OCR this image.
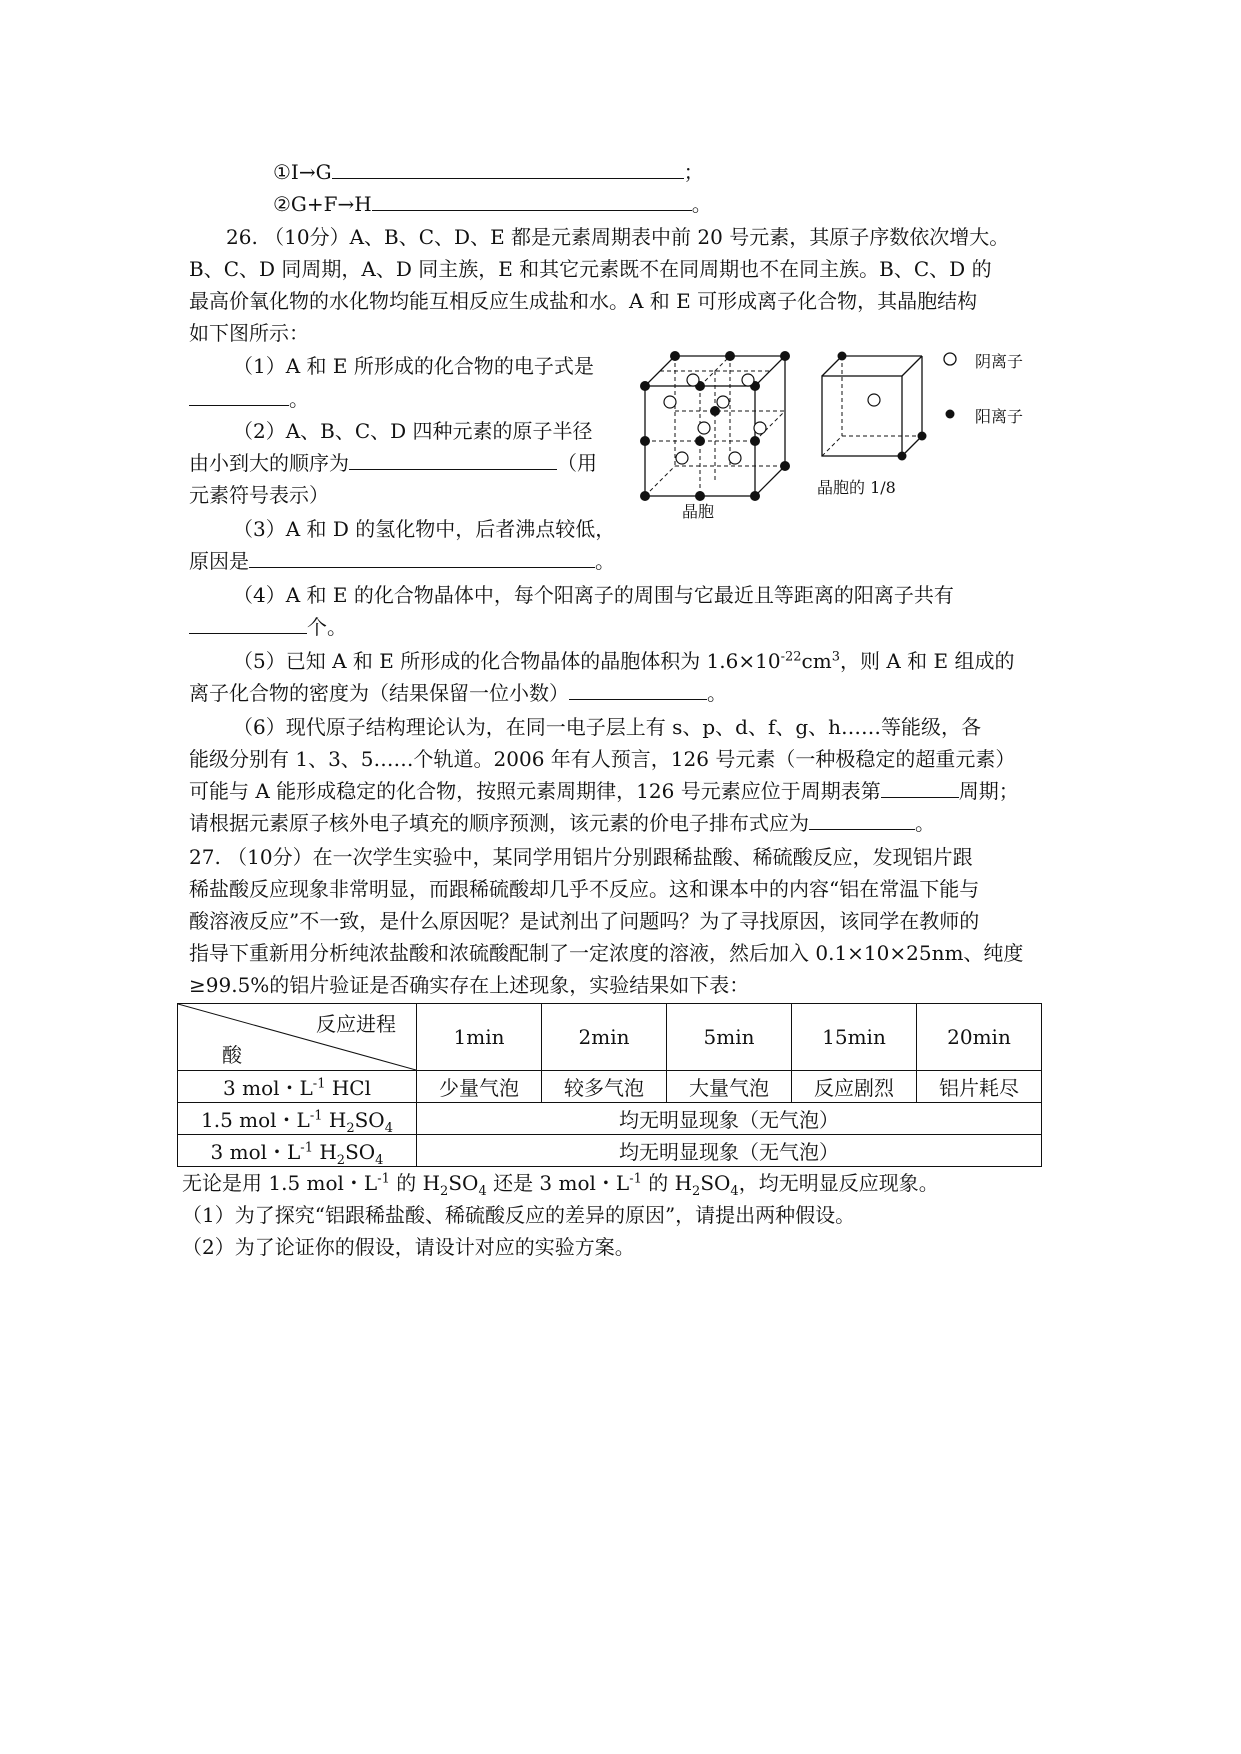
①I→G	；
②G+F→H	。
26. （10分）A、B、C、D、E 都是元素周期表中前 20 号元素，其原子序数依次增大。
B、C、D 同周期，A、D 同主族，E 和其它元素既不在同周期也不在同主族。B、C、D 的
最高价氧化物的水化物均能互相反应生成盐和水。A 和 E 可形成离子化合物，其晶胞结构
如下图所示：
（1）A 和 E 所形成的化合物的电子式是
。
（2）A、B、C、D 四种元素的原子半径
由小到大的顺序为	（用
元素符号表示）
（3）A 和 D 的氢化物中，后者沸点较低，
原因是	。
（4）A 和 E 的化合物晶体中，每个阳离子的周围与它最近且等距离的阳离子共有
个。
（5）已知 A 和 E 所形成的化合物晶体的晶胞体积为 $1.6\times 10^{-22}cm^3$，则 A 和 E 组成的
离子化合物的密度为（结果保留一位小数）	。
（6）现代原子结构理论认为，在同一电子层上有 s、p、d、f、g、h……等能级，各
能级分别有 1、3、5……个轨道。2006 年有人预言，126 号元素（一种极稳定的超重元素）
可能与 A 能形成稳定的化合物，按照元素周期律，126 号元素应位于周期表第	周期；
请根据元素原子核外电子填充的顺序预测，该元素的价电子排布式应为	。
晶胞
晶胞的 1/8
阴离子
阳离子
27. （10分）在一次学生实验中，某同学用铝片分别跟稀盐酸、稀硫酸反应，发现铝片跟
稀盐酸反应现象非常明显，而跟稀硫酸却几乎不反应。这和课本中的内容“铝在常温下能与
酸溶液反应”不一致，是什么原因呢？是试剂出了问题吗？为了寻找原因，该同学在教师的
指导下重新用分析纯浓盐酸和浓硫酸配制了一定浓度的溶液，然后加入 0.1×10×25nm、纯度
≥99.5%的铝片验证是否确实存在上述现象，实验结果如下表：
反应进程
酸	1min	2min	5min	15min	20min
3 mol・$L^{-1}$ HCl	少量气泡	较多气泡	大量气泡	反应剧烈	铝片耗尽
1.5 mol・$L^{-1}$ $H_2SO_4$	均无明显现象（无气泡）				
3 mol・$L^{-1}$ $H_2SO_4$	均无明显现象（无气泡）				
无论是用 1.5 mol・$L^{-1}$ 的 $H_2SO_4$ 还是 3 mol・$L^{-1}$ 的 $H_2SO_4$，均无明显反应现象。
（1）为了探究“铝跟稀盐酸、稀硫酸反应的差异的原因”，请提出两种假设。
（2）为了论证你的假设，请设计对应的实验方案。
